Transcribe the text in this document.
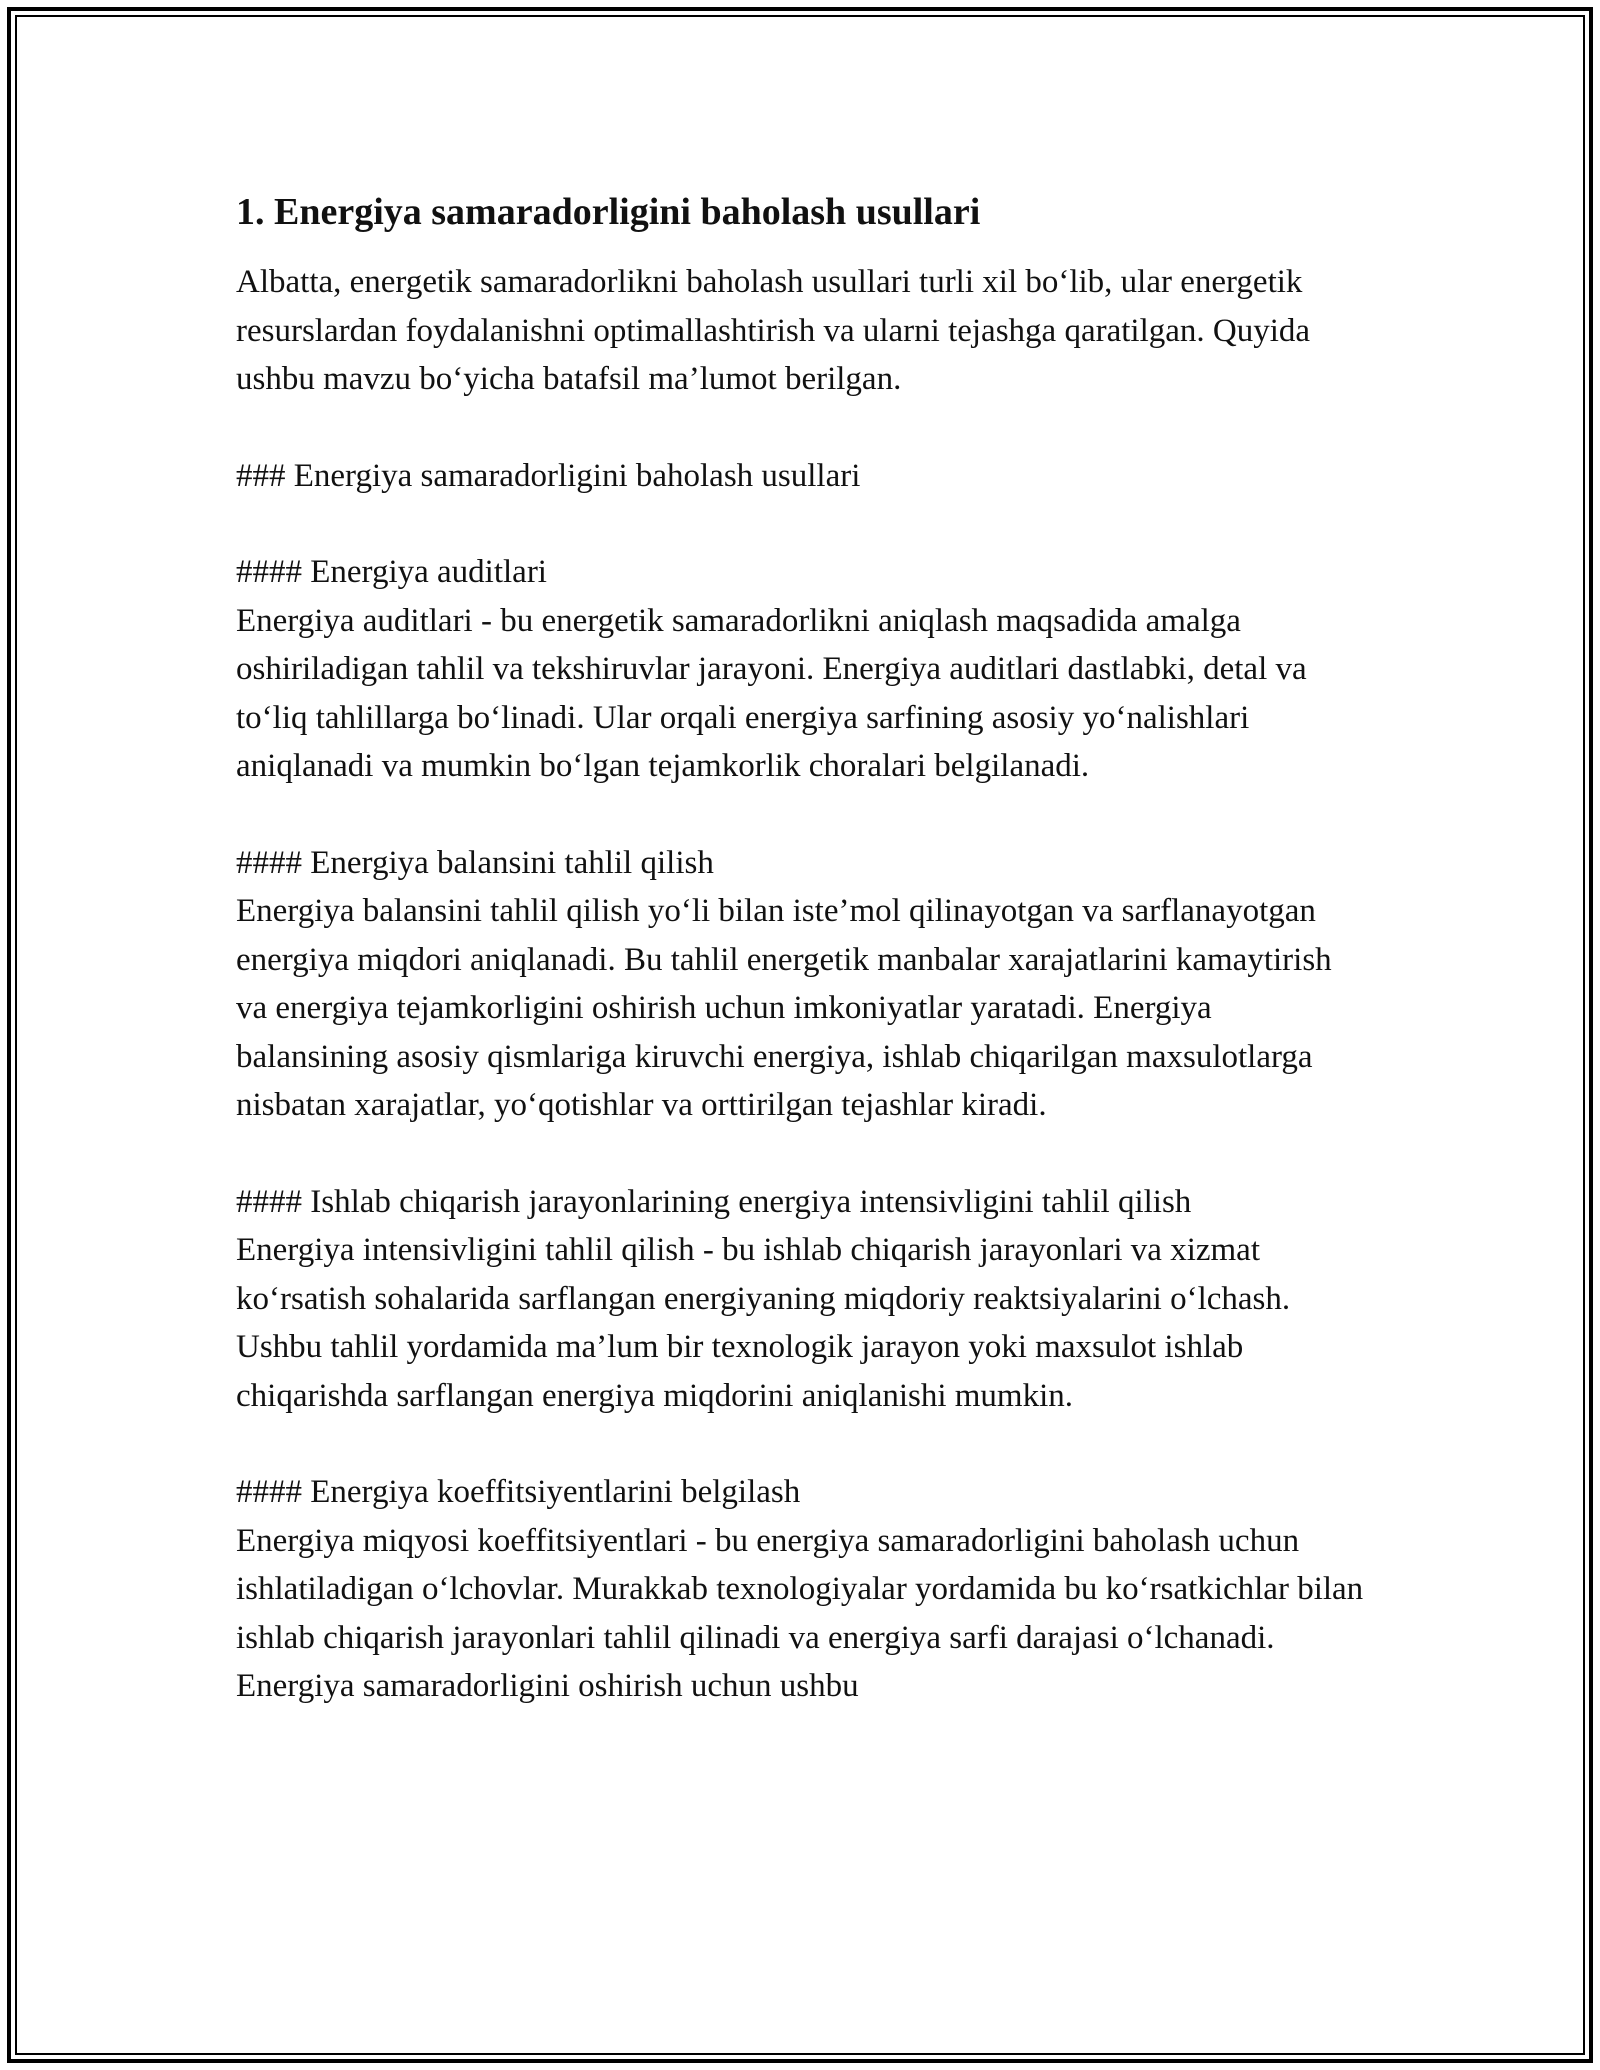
1. Energiya samaradorligini baholash usullari

Albatta, energetik samaradorlikni baholash usullari turli xil bo‘lib, ular energetik resurslardan foydalanishni optimallashtirish va ularni tejashga qaratilgan. Quyida ushbu mavzu bo‘yicha batafsil ma’lumot berilgan.

### Energiya samaradorligini baholash usullari

#### Energiya auditlari

Energiya auditlari - bu energetik samaradorlikni aniqlash maqsadida amalga oshiriladigan tahlil va tekshiruvlar jarayoni. Energiya auditlari dastlabki, detal va to‘liq tahlillarga bo‘linadi. Ular orqali energiya sarfining asosiy yo‘nalishlari aniqlanadi va mumkin bo‘lgan tejamkorlik choralari belgilanadi.

#### Energiya balansini tahlil qilish

Energiya balansini tahlil qilish yo‘li bilan iste’mol qilinayotgan va sarflanayotgan energiya miqdori aniqlanadi. Bu tahlil energetik manbalar xarajatlarini kamaytirish va energiya tejamkorligini oshirish uchun imkoniyatlar yaratadi. Energiya balansining asosiy qismlariga kiruvchi energiya, ishlab chiqarilgan maxsulotlarga nisbatan xarajatlar, yo‘qotishlar va orttirilgan tejashlar kiradi.

#### Ishlab chiqarish jarayonlarining energiya intensivligini tahlil qilish

Energiya intensivligini tahlil qilish - bu ishlab chiqarish jarayonlari va xizmat ko‘rsatish sohalarida sarflangan energiyaning miqdoriy reaktsiyalarini o‘lchash. Ushbu tahlil yordamida ma’lum bir texnologik jarayon yoki maxsulot ishlab chiqarishda sarflangan energiya miqdorini aniqlanishi mumkin.

#### Energiya koeffitsiyentlarini belgilash

Energiya miqyosi koeffitsiyentlari - bu energiya samaradorligini baholash uchun ishlatiladigan o‘lchovlar. Murakkab texnologiyalar yordamida bu ko‘rsatkichlar bilan ishlab chiqarish jarayonlari tahlil qilinadi va energiya sarfi darajasi o‘lchanadi. Energiya samaradorligini oshirish uchun ushbu
